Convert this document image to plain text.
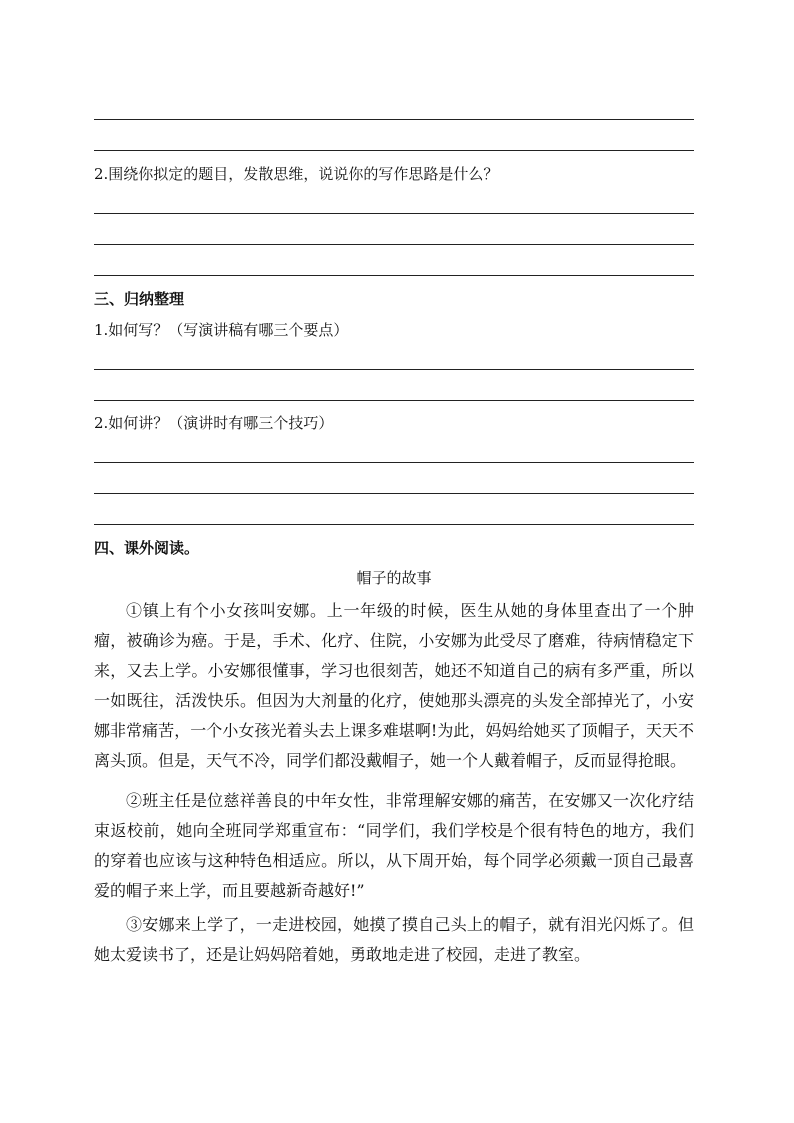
2.围绕你拟定的题目，发散思维，说说你的写作思路是什么？
三、归纳整理
1.如何写？（写演讲稿有哪三个要点）
2.如何讲？（演讲时有哪三个技巧）
四、课外阅读。
帽子的故事

①镇上有个小女孩叫安娜。上一年级的时候，医生从她的身体里查出了一个肿瘤，被确诊为癌。于是，手术、化疗、住院，小安娜为此受尽了磨难，待病情稳定下来，又去上学。小安娜很懂事，学习也很刻苦，她还不知道自己的病有多严重，所以一如既往，活泼快乐。但因为大剂量的化疗，使她那头漂亮的头发全部掉光了，小安娜非常痛苦，一个小女孩光着头去上课多难堪啊!为此，妈妈给她买了顶帽子，天天不离头顶。但是，天气不冷，同学们都没戴帽子，她一个人戴着帽子，反而显得抢眼。

②班主任是位慈祥善良的中年女性，非常理解安娜的痛苦，在安娜又一次化疗结束返校前，她向全班同学郑重宣布：“同学们，我们学校是个很有特色的地方，我们的穿着也应该与这种特色相适应。所以，从下周开始，每个同学必须戴一顶自己最喜爱的帽子来上学，而且要越新奇越好!”

③安娜来上学了，一走进校园，她摸了摸自己头上的帽子，就有泪光闪烁了。但她太爱读书了，还是让妈妈陪着她，勇敢地走进了校园，走进了教室。
